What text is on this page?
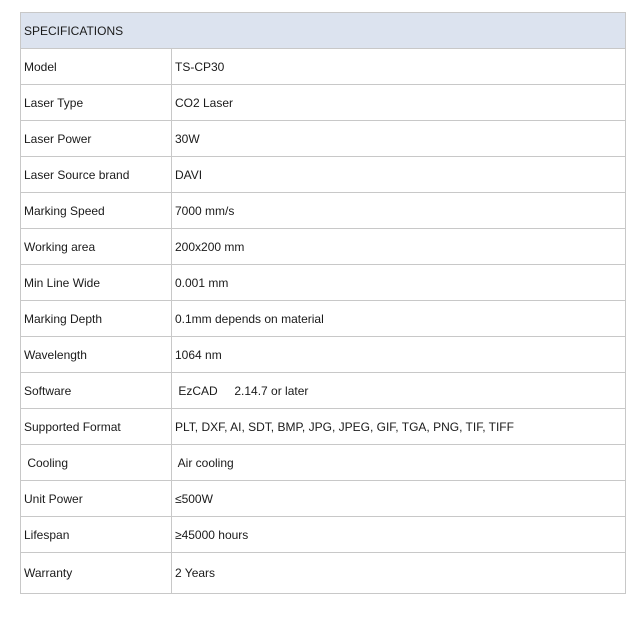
SPECIFICATIONS	
Model	TS-CP30
Laser Type	CO2 Laser
Laser Power	30W
Laser Source brand	DAVI
Marking Speed	7000 mm/s
Working area	200x200 mm
Min Line Wide	0.001 mm
Marking Depth	0.1mm depends on material
Wavelength	1064 nm
Software	EzCAD     2.14.7 or later
Supported Format	PLT, DXF, AI, SDT, BMP, JPG, JPEG, GIF, TGA, PNG, TIF, TIFF
Cooling	Air cooling
Unit Power	≤500W
Lifespan	≥45000 hours
Warranty	2 Years
